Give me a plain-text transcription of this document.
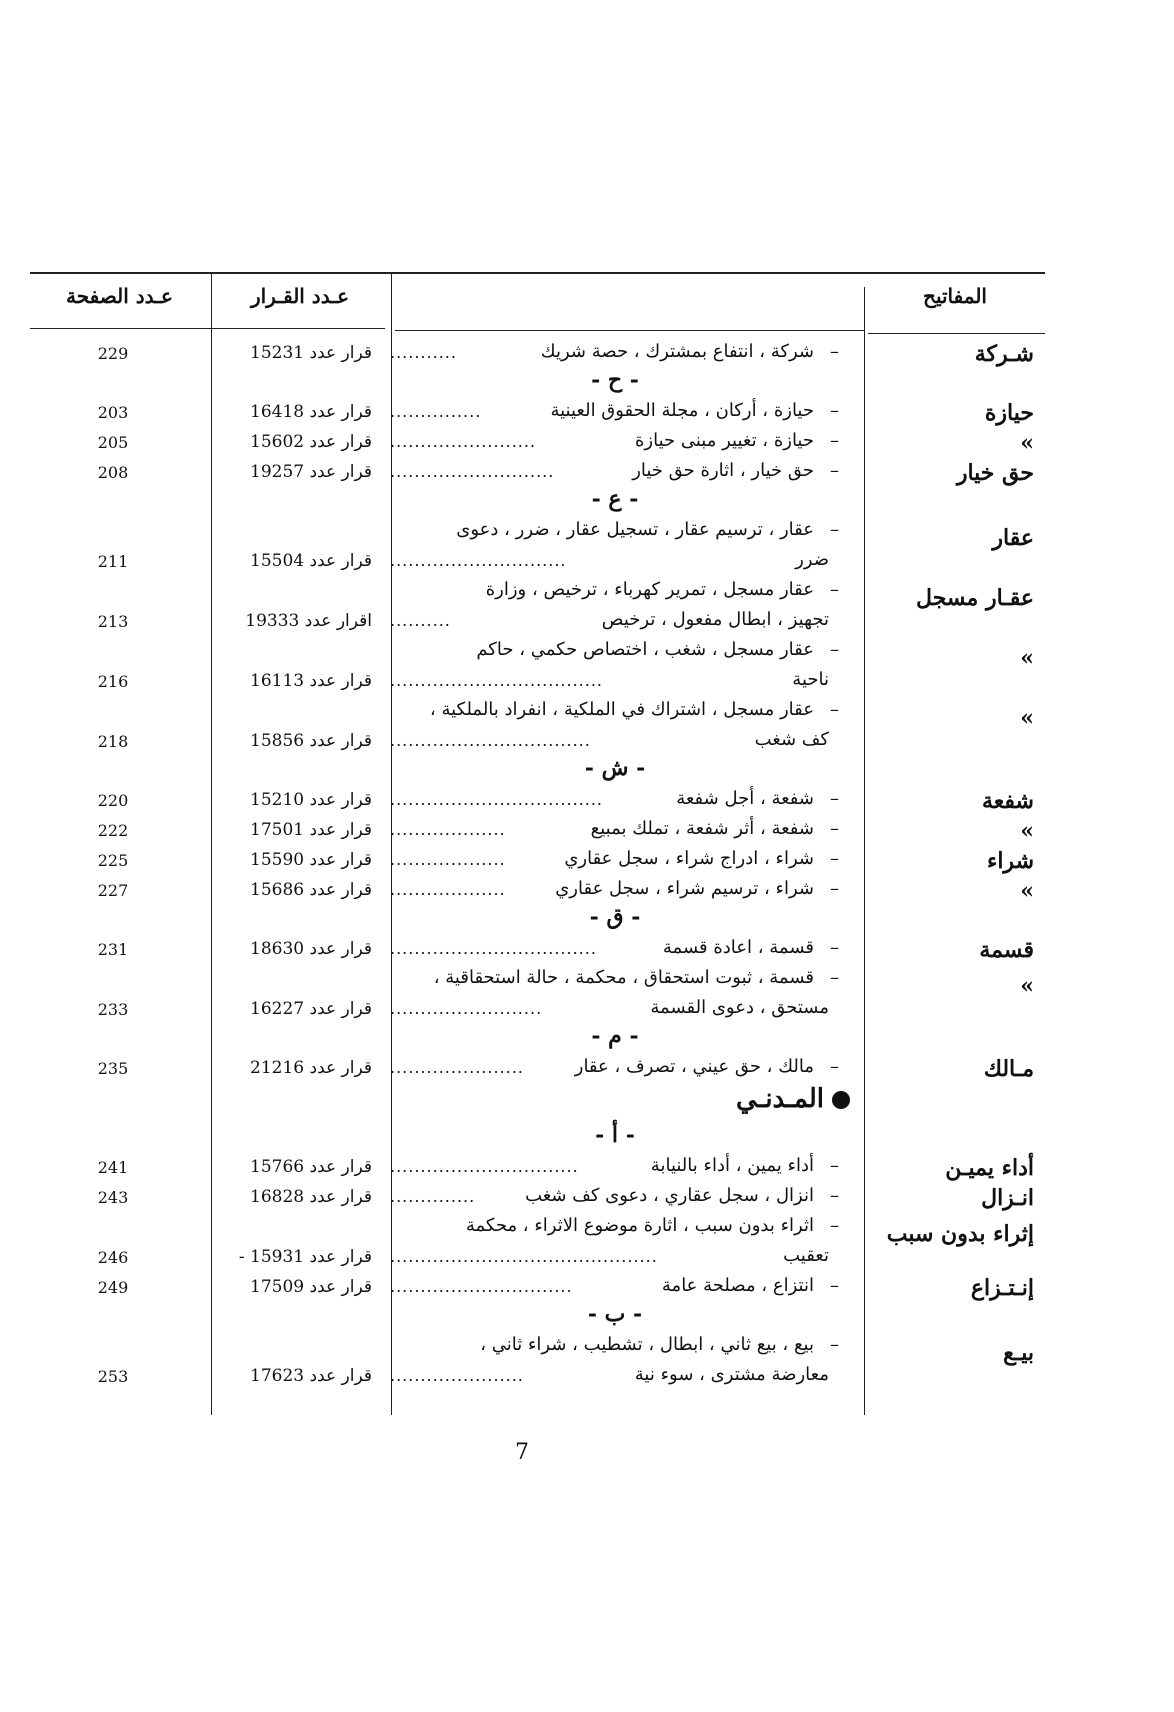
المفاتيح
عـدد القـرار
عـدد الصفحة
شـركة
–
شركة ، انتفاع بمشترك ، حصة شريك
...........
قرار عدد 15231
229
- ح -
حيازة
–
حيازة ، أركان ، مجلة الحقوق العينية
...............
قرار عدد 16418
203
»
–
حيازة ، تغيير مبنى حيازة
........................
قرار عدد 15602
205
حق خيار
–
حق خيار ، اثارة حق خيار
...........................
قرار عدد 19257
208
- ع -
عقار
–
عقار ، ترسيم عقار ، تسجيل عقار ، ضرر ، دعوى
ضرر
.............................
قرار عدد 15504
211
عقـار مسجل
–
عقار مسجل ، تمرير كهرباء ، ترخيص ، وزارة
تجهيز ، ابطال مفعول ، ترخيص
..........
اقرار عدد 19333
213
»
–
عقار مسجل ، شغب ، اختصاص حكمي ، حاكم
ناحية
...................................
قرار عدد 16113
216
»
–
عقار مسجل ، اشتراك في الملكية ، انفراد بالملكية ،
كف شغب
.................................
قرار عدد 15856
218
- ش -
شفعة
–
شفعة ، أجل شفعة
...................................
قرار عدد 15210
220
»
–
شفعة ، أثر شفعة ، تملك بمبيع
...................
قرار عدد 17501
222
شراء
–
شراء ، ادراج شراء ، سجل عقاري
...................
قرار عدد 15590
225
»
–
شراء ، ترسيم شراء ، سجل عقاري
...................
قرار عدد 15686
227
- ق -
قسمة
–
قسمة ، اعادة قسمة
..................................
قرار عدد 18630
231
»
–
قسمة ، ثبوت استحقاق ، محكمة ، حالة استحقاقية ،
مستحق ، دعوى القسمة
.........................
قرار عدد 16227
233
- م -
مـالك
–
مالك ، حق عيني ، تصرف ، عقار
......................
قرار عدد 21216
235
المـدنـي
- أ -
أداء يميـن
–
أداء يمين ، أداء بالنيابة
...............................
قرار عدد 15766
241
انـزال
–
انزال ، سجل عقاري ، دعوى كف شغب
..............
قرار عدد 16828
243
إثراء بدون سبب
–
اثراء بدون سبب ، اثارة موضوع الاثراء ، محكمة
تعقيب
............................................
قرار عدد 15931 -
246
إنـتـزاع
–
انتزاع ، مصلحة عامة
..............................
قرار عدد 17509
249
- ب -
بيـع
–
بيع ، بيع ثاني ، ابطال ، تشطيب ، شراء ثاني ،
معارضة مشترى ، سوء نية
......................
قرار عدد 17623
253
7
